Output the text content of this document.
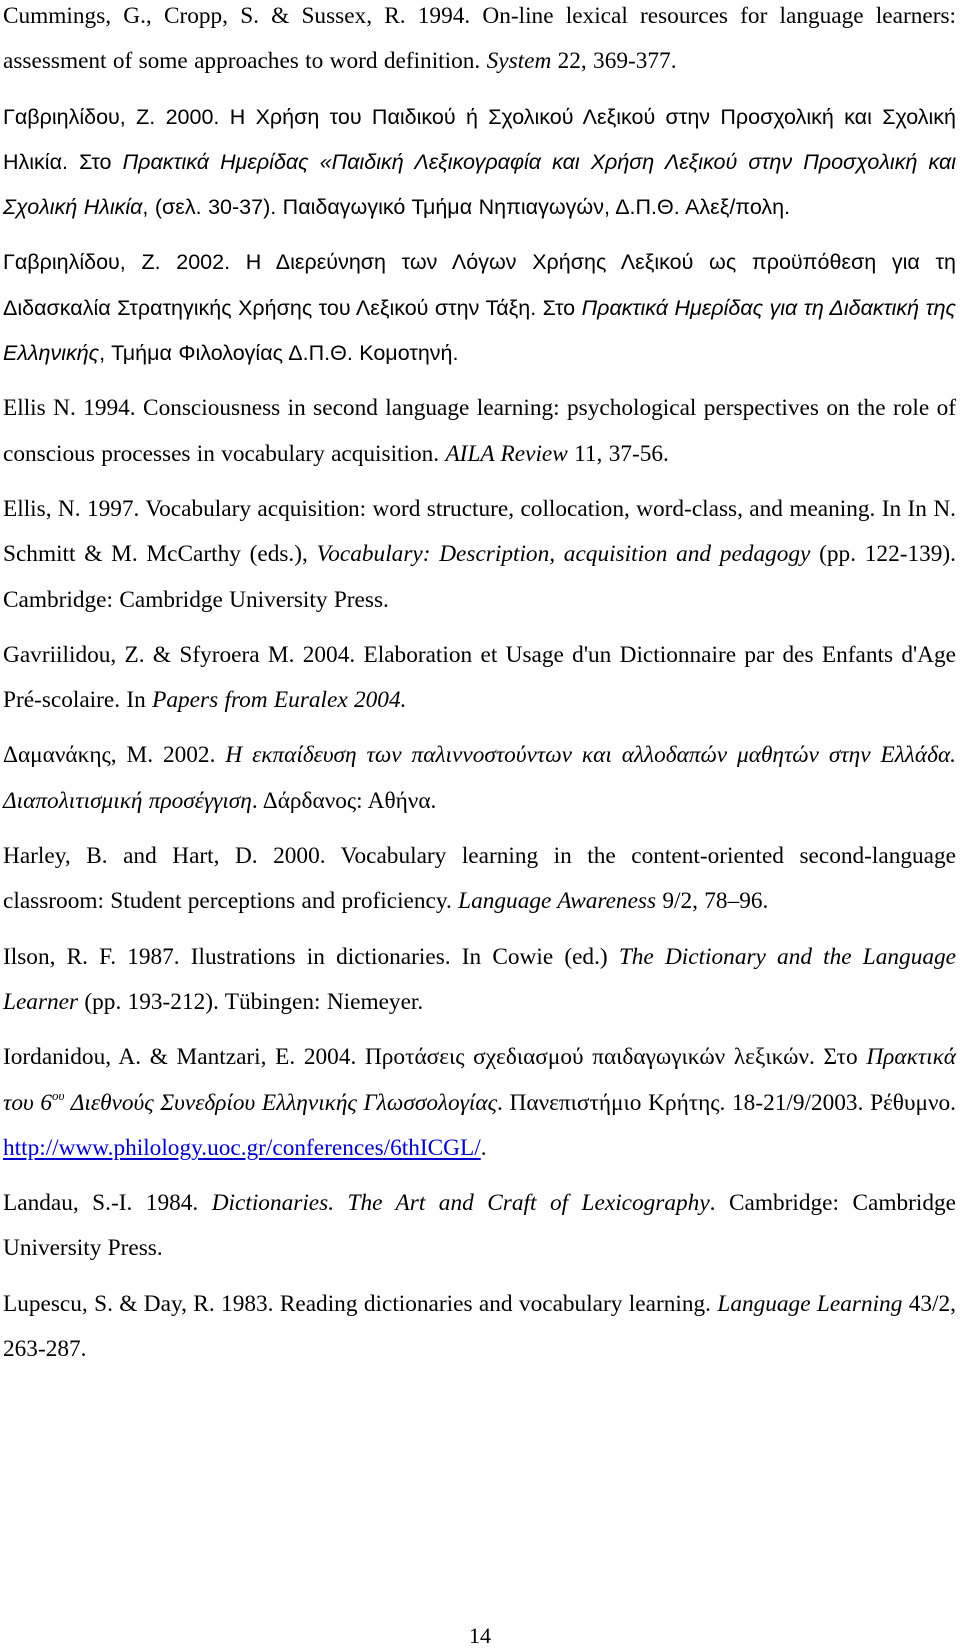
Cummings, G., Cropp, S. & Sussex, R. 1994. On-line lexical resources for language learners: assessment of some approaches to word definition. System 22, 369-377.

Γαβριηλίδου, Ζ. 2000. Η Χρήση του Παιδικού ή Σχολικού Λεξικού στην Προσχολική και Σχολική Ηλικία. Στο Πρακτικά Ημερίδας «Παιδική Λεξικογραφία και Χρήση Λεξικού στην Προσχολική και Σχολική Ηλικία, (σελ. 30-37). Παιδαγωγικό Τμήμα Νηπιαγωγών, Δ.Π.Θ. Αλεξ/πολη.

Γαβριηλίδου, Ζ. 2002. Η Διερεύνηση των Λόγων Χρήσης Λεξικού ως προϋπόθεση για τη Διδασκαλία Στρατηγικής Χρήσης του Λεξικού στην Τάξη. Στο Πρακτικά Ημερίδας για τη Διδακτική της Ελληνικής, Τμήμα Φιλολογίας Δ.Π.Θ. Κομοτηνή.

Ellis N. 1994. Consciousness in second language learning: psychological perspectives on the role of conscious processes in vocabulary acquisition. AILA Review 11, 37-56.

Ellis, N. 1997. Vocabulary acquisition: word structure, collocation, word-class, and meaning. In In N. Schmitt & M. McCarthy (eds.), Vocabulary: Description, acquisition and pedagogy (pp. 122-139). Cambridge: Cambridge University Press.

Gavriilidou, Z. & Sfyroera M. 2004. Elaboration et Usage d'un Dictionnaire par des Enfants d'Age Pré-scolaire. In Papers from Euralex 2004.

Δαμανάκης, Μ. 2002. Η εκπαίδευση των παλιννοστούντων και αλλοδαπών μαθητών στην Ελλάδα. Διαπολιτισμική προσέγγιση. Δάρδανος: Αθήνα.

Harley, B. and Hart, D. 2000. Vocabulary learning in the content-oriented second-language classroom: Student perceptions and proficiency. Language Awareness 9/2, 78–96.

Ilson, R. F. 1987. Ilustrations in dictionaries. In Cowie (ed.) The Dictionary and the Language Learner (pp. 193-212). Tübingen: Niemeyer.

Iordanidou, A. & Mantzari, E. 2004. Προτάσεις σχεδιασμού παιδαγωγικών λεξικών. Στο Πρακτικά του $6^{o\upsilon}$ Διεθνούς Συνεδρίου Ελληνικής Γλωσσολογίας. Πανεπιστήμιο Κρήτης. 18-21/9/2003. Ρέθυμνο. http://www.philology.uoc.gr/conferences/6thICGL/.

Landau, S.-I. 1984. Dictionaries. The Art and Craft of Lexicography. Cambridge: Cambridge University Press.

Lupescu, S. & Day, R. 1983. Reading dictionaries and vocabulary learning. Language Learning 43/2, 263-287.

14
